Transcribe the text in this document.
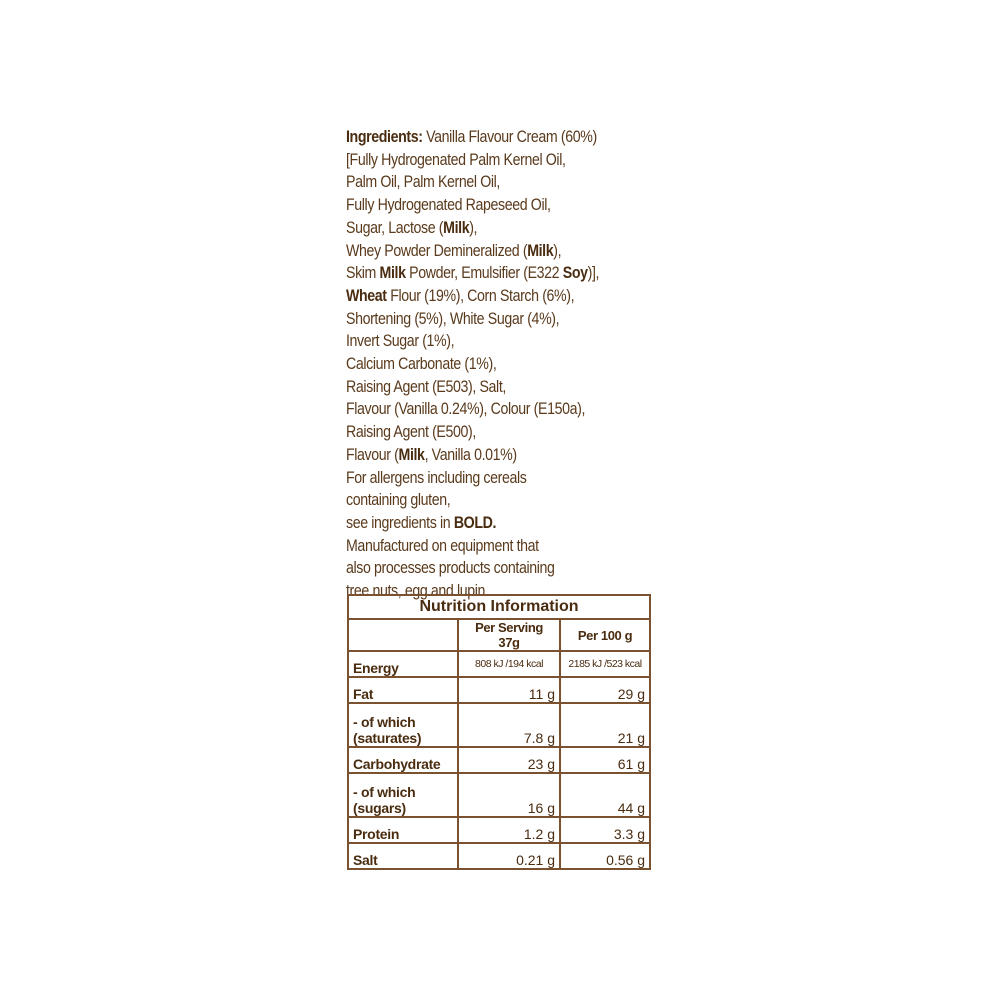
Ingredients: Vanilla Flavour Cream (60%)
[Fully Hydrogenated Palm Kernel Oil,
Palm Oil, Palm Kernel Oil,
Fully Hydrogenated Rapeseed Oil,
Sugar, Lactose (Milk),
Whey Powder Demineralized (Milk),
Skim Milk Powder, Emulsifier (E322 Soy)],
Wheat Flour (19%), Corn Starch (6%),
Shortening (5%), White Sugar (4%),
Invert Sugar (1%),
Calcium Carbonate (1%),
Raising Agent (E503), Salt,
Flavour (Vanilla 0.24%), Colour (E150a),
Raising Agent (E500),
Flavour (Milk, Vanilla 0.01%)
For allergens including cereals
containing gluten,
see ingredients in BOLD.
Manufactured on equipment that
also processes products containing
tree nuts, egg and lupin.
Nutrition Information		
	Per Serving 37g	Per 100 g
Energy	808 kJ /194 kcal	2185 kJ /523 kcal
Fat	11 g	29 g
- of which
(saturates)	7.8 g	21 g
Carbohydrate	23 g	61 g
- of which
(sugars)	16 g	44 g
Protein	1.2 g	3.3 g
Salt	0.21 g	0.56 g
